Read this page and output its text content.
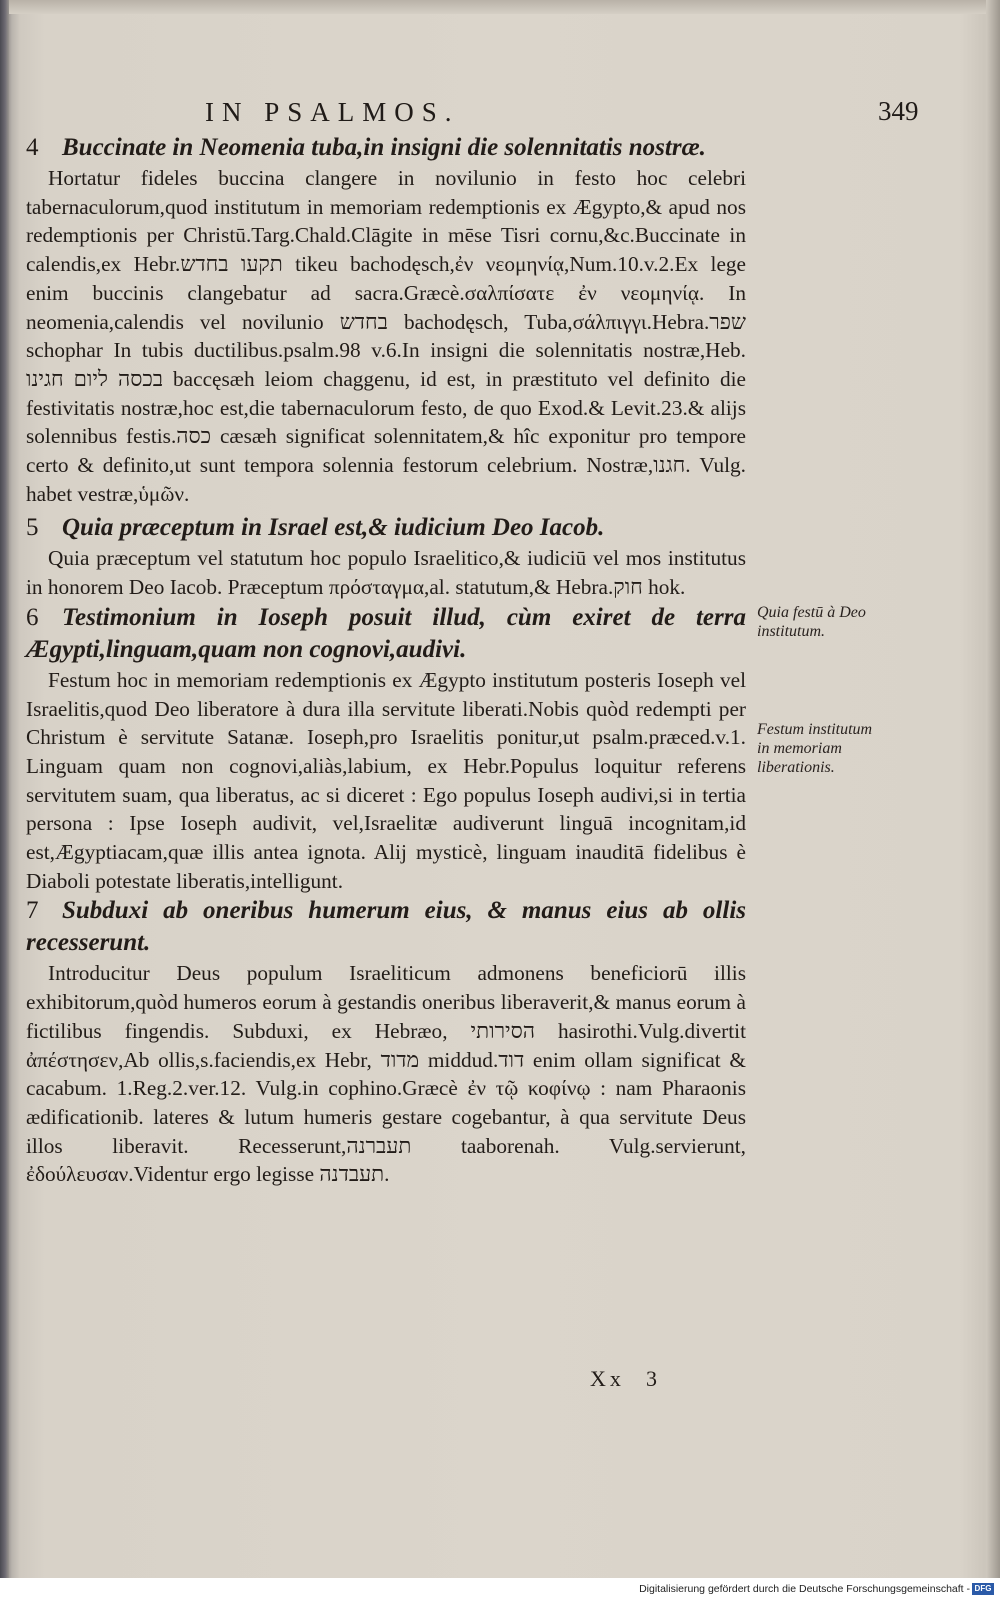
IN PSALMOS.	349

4 Buccinate in Neomenia tuba,in insigni die solennitatis nostræ.

Hortatur fideles buccina clangere in novilunio in festo hoc celebri tabernaculorum,quod institutum in memoriam redemptionis ex Ægypto,& apud nos redemptionis per Christū.Targ.Chald.Clāgite in mēse Tisri cornu,&c.Buccinate in calendis,ex Hebr.תקעו בחדש tikeu bachodęsch,ἐν νεομηνίᾳ,Num.10.v.2.Ex lege enim buccinis clangebatur ad sacra.Græcè.σαλπίσατε ἐν νεομηνίᾳ. In neomenia,calendis vel novilunio בחדש bachodęsch, Tuba,σάλπιγγι.Hebra.שפר schophar In tubis ductilibus.psalm.98 v.6.In insigni die solennitatis nostræ,Heb. בכסה ליום חגינו baccęsæh leiom chaggenu, id est, in præstituto vel definito die festivitatis nostræ,hoc est,die tabernaculorum festo, de quo Exod.& Levit.23.& alijs solennibus festis.כסה cæsæh significat solennitatem,& hîc exponitur pro tempore certo & definito,ut sunt tempora solennia festorum celebrium. Nostræ,חגנו. Vulg. habet vestræ,ὑμῶν.

5 Quia præceptum in Israel est,& iudicium Deo Iacob.

Quia præceptum vel statutum hoc populo Israelitico,& iudiciū vel mos institutus in honorem Deo Iacob. Præceptum πρόσταγμα,al. statutum,& Hebra.חוק hok.

6 Testimonium in Ioseph posuit illud, cùm exiret de terra Ægypti,linguam,quam non cognovi,audivi.

Festum hoc in memoriam redemptionis ex Ægypto institutum posteris Ioseph vel Israelitis,quod Deo liberatore à dura illa servitute liberati.Nobis quòd redempti per Christum è servitute Satanæ. Ioseph,pro Israelitis ponitur,ut psalm.præced.v.1. Linguam quam non cognovi,aliàs,labium, ex Hebr.Populus loquitur referens servitutem suam, qua liberatus, ac si diceret : Ego populus Ioseph audivi,si in tertia persona : Ipse Ioseph audivit, vel,Israelitæ audiverunt linguā incognitam,id est,Ægyptiacam,quæ illis antea ignota. Alij mysticè, linguam inauditā fidelibus è Diaboli potestate liberatis,intelligunt.

7 Subduxi ab oneribus humerum eius, & manus eius ab ollis recesserunt.

Introducitur Deus populum Israeliticum admonens beneficiorū illis exhibitorum,quòd humeros eorum à gestandis oneribus liberaverit,& manus eorum à fictilibus fingendis. Subduxi, ex Hebræo, הסירותי hasirothi.Vulg.divertit ἀπέστησεν,Ab ollis,s.faciendis,ex Hebr, מדוד middud.דוד enim ollam significat & cacabum. 1.Reg.2.ver.12. Vulg.in cophino.Græcè ἐν τῷ κοφίνῳ : nam Pharaonis ædificationib. lateres & lutum humeris gestare cogebantur, à qua servitute Deus illos liberavit. Recesserunt,תעברנה taaborenah. Vulg.servierunt, ἐδούλευσαν.Videntur ergo legisse תעבדנה.

Quia festū à Deo institutum.
Festum institutum in memoriam liberationis.
Xx 3
Digitalisierung gefördert durch die Deutsche Forschungsgemeinschaft - DFG
